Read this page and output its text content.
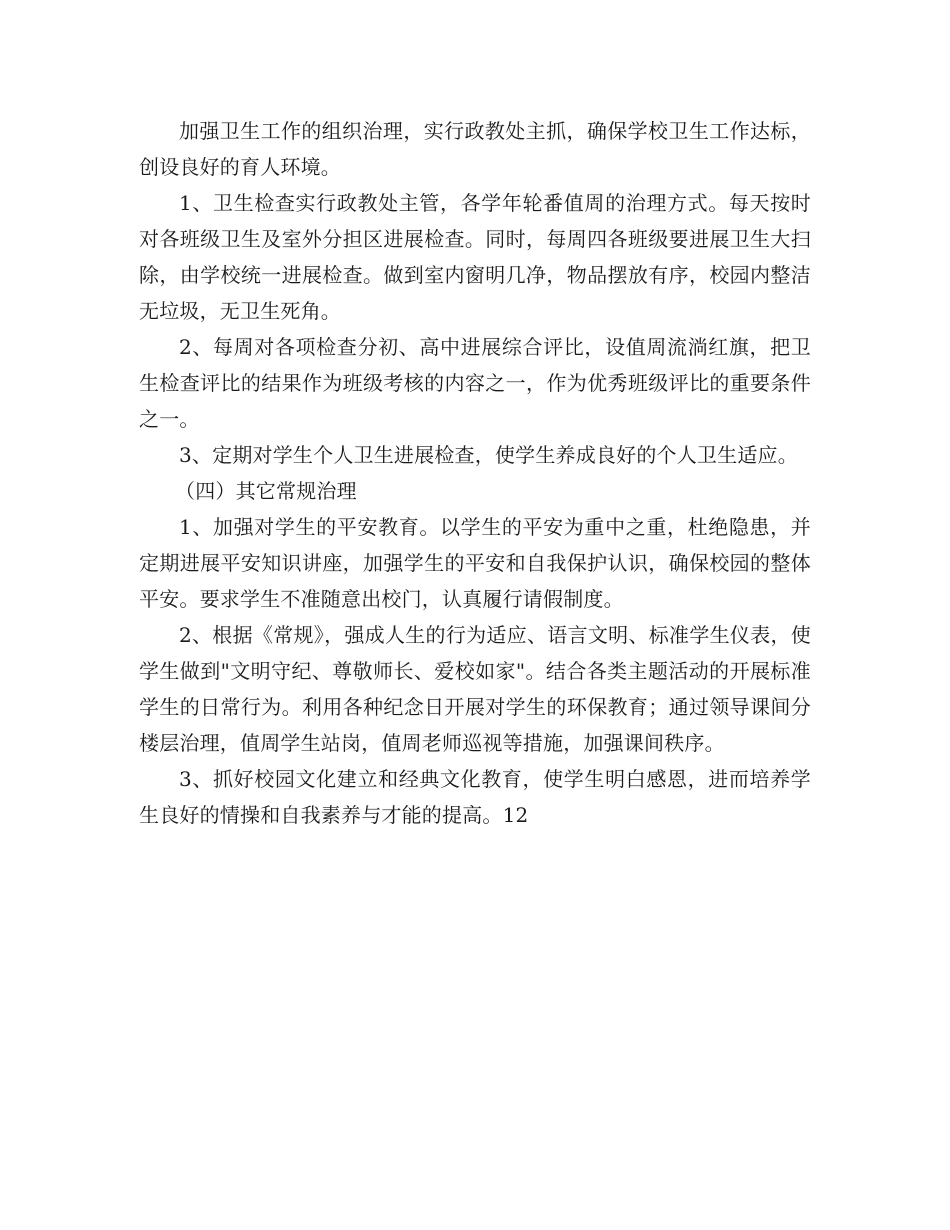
加强卫生工作的组织治理，实行政教处主抓，确保学校卫生工作达标，创设良好的育人环境。

1、卫生检查实行政教处主管，各学年轮番值周的治理方式。每天按时对各班级卫生及室外分担区进展检查。同时，每周四各班级要进展卫生大扫除，由学校统一进展检查。做到室内窗明几净，物品摆放有序，校园内整洁无垃圾，无卫生死角。

2、每周对各项检查分初、高中进展综合评比，设值周流淌红旗，把卫生检查评比的结果作为班级考核的内容之一，作为优秀班级评比的重要条件之一。

3、定期对学生个人卫生进展检查，使学生养成良好的个人卫生适应。

（四）其它常规治理

1、加强对学生的平安教育。以学生的平安为重中之重，杜绝隐患，并定期进展平安知识讲座，加强学生的平安和自我保护认识，确保校园的整体平安。要求学生不准随意出校门，认真履行请假制度。

2、根据《常规》，强成人生的行为适应、语言文明、标准学生仪表，使学生做到"文明守纪、尊敬师长、爱校如家"。结合各类主题活动的开展标准学生的日常行为。利用各种纪念日开展对学生的环保教育；通过领导课间分楼层治理，值周学生站岗，值周老师巡视等措施，加强课间秩序。

3、抓好校园文化建立和经典文化教育，使学生明白感恩，进而培养学生良好的情操和自我素养与才能的提高。12
